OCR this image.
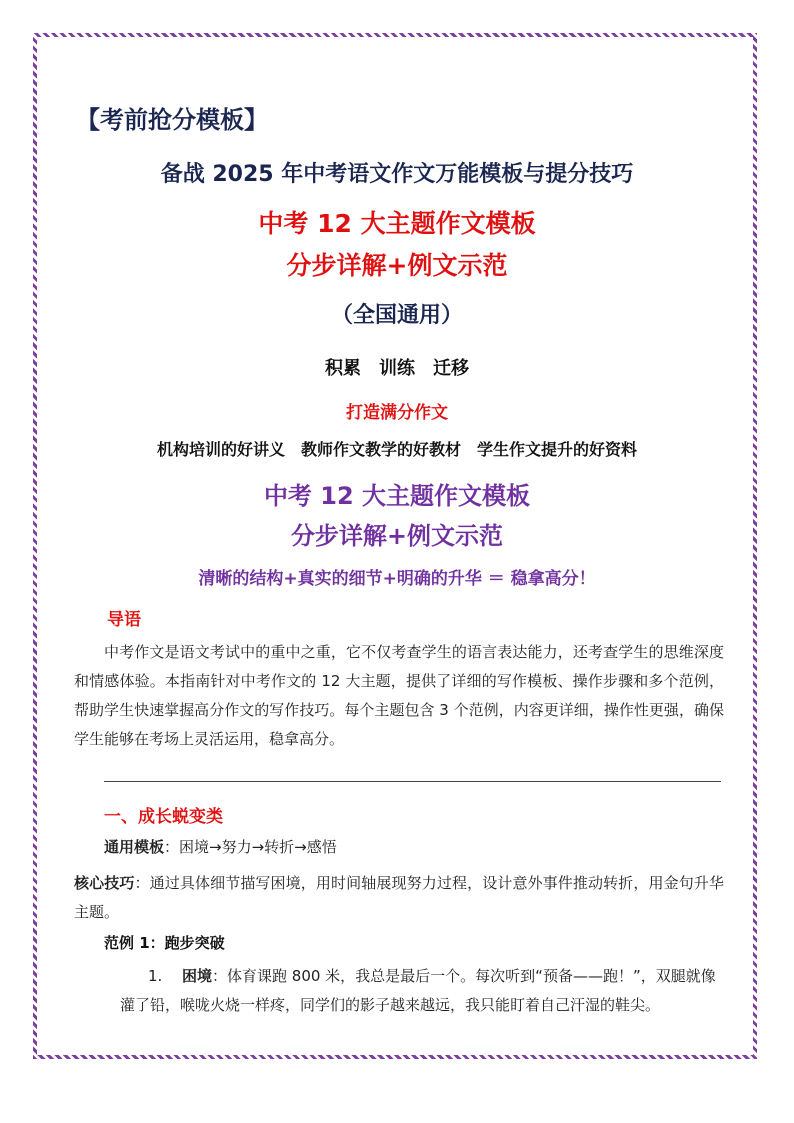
【考前抢分模板】
备战 2025 年中考语文作文万能模板与提分技巧
中考 12 大主题作文模板
分步详解+例文示范
（全国通用）
积累　训练　迁移
打造满分作文
机构培训的好讲义　教师作文教学的好教材　学生作文提升的好资料
中考 12 大主题作文模板
分步详解+例文示范
清晰的结构+真实的细节+明确的升华 ＝ 稳拿高分！
导语

中考作文是语文考试中的重中之重，它不仅考查学生的语言表达能力，还考查学生的思维深度和情感体验。本指南针对中考作文的 12 大主题，提供了详细的写作模板、操作步骤和多个范例，帮助学生快速掌握高分作文的写作技巧。每个主题包含 3 个范例，内容更详细，操作性更强，确保学生能够在考场上灵活运用，稳拿高分。

一、成长蜕变类
通用模板：困境→努力→转折→感悟

核心技巧：通过具体细节描写困境，用时间轴展现努力过程，设计意外事件推动转折，用金句升华主题。

范例 1：跑步突破

1. 困境：体育课跑 800 米，我总是最后一个。每次听到“预备——跑！”，双腿就像灌了铅，喉咙火烧一样疼，同学们的影子越来越远，我只能盯着自己汗湿的鞋尖。
